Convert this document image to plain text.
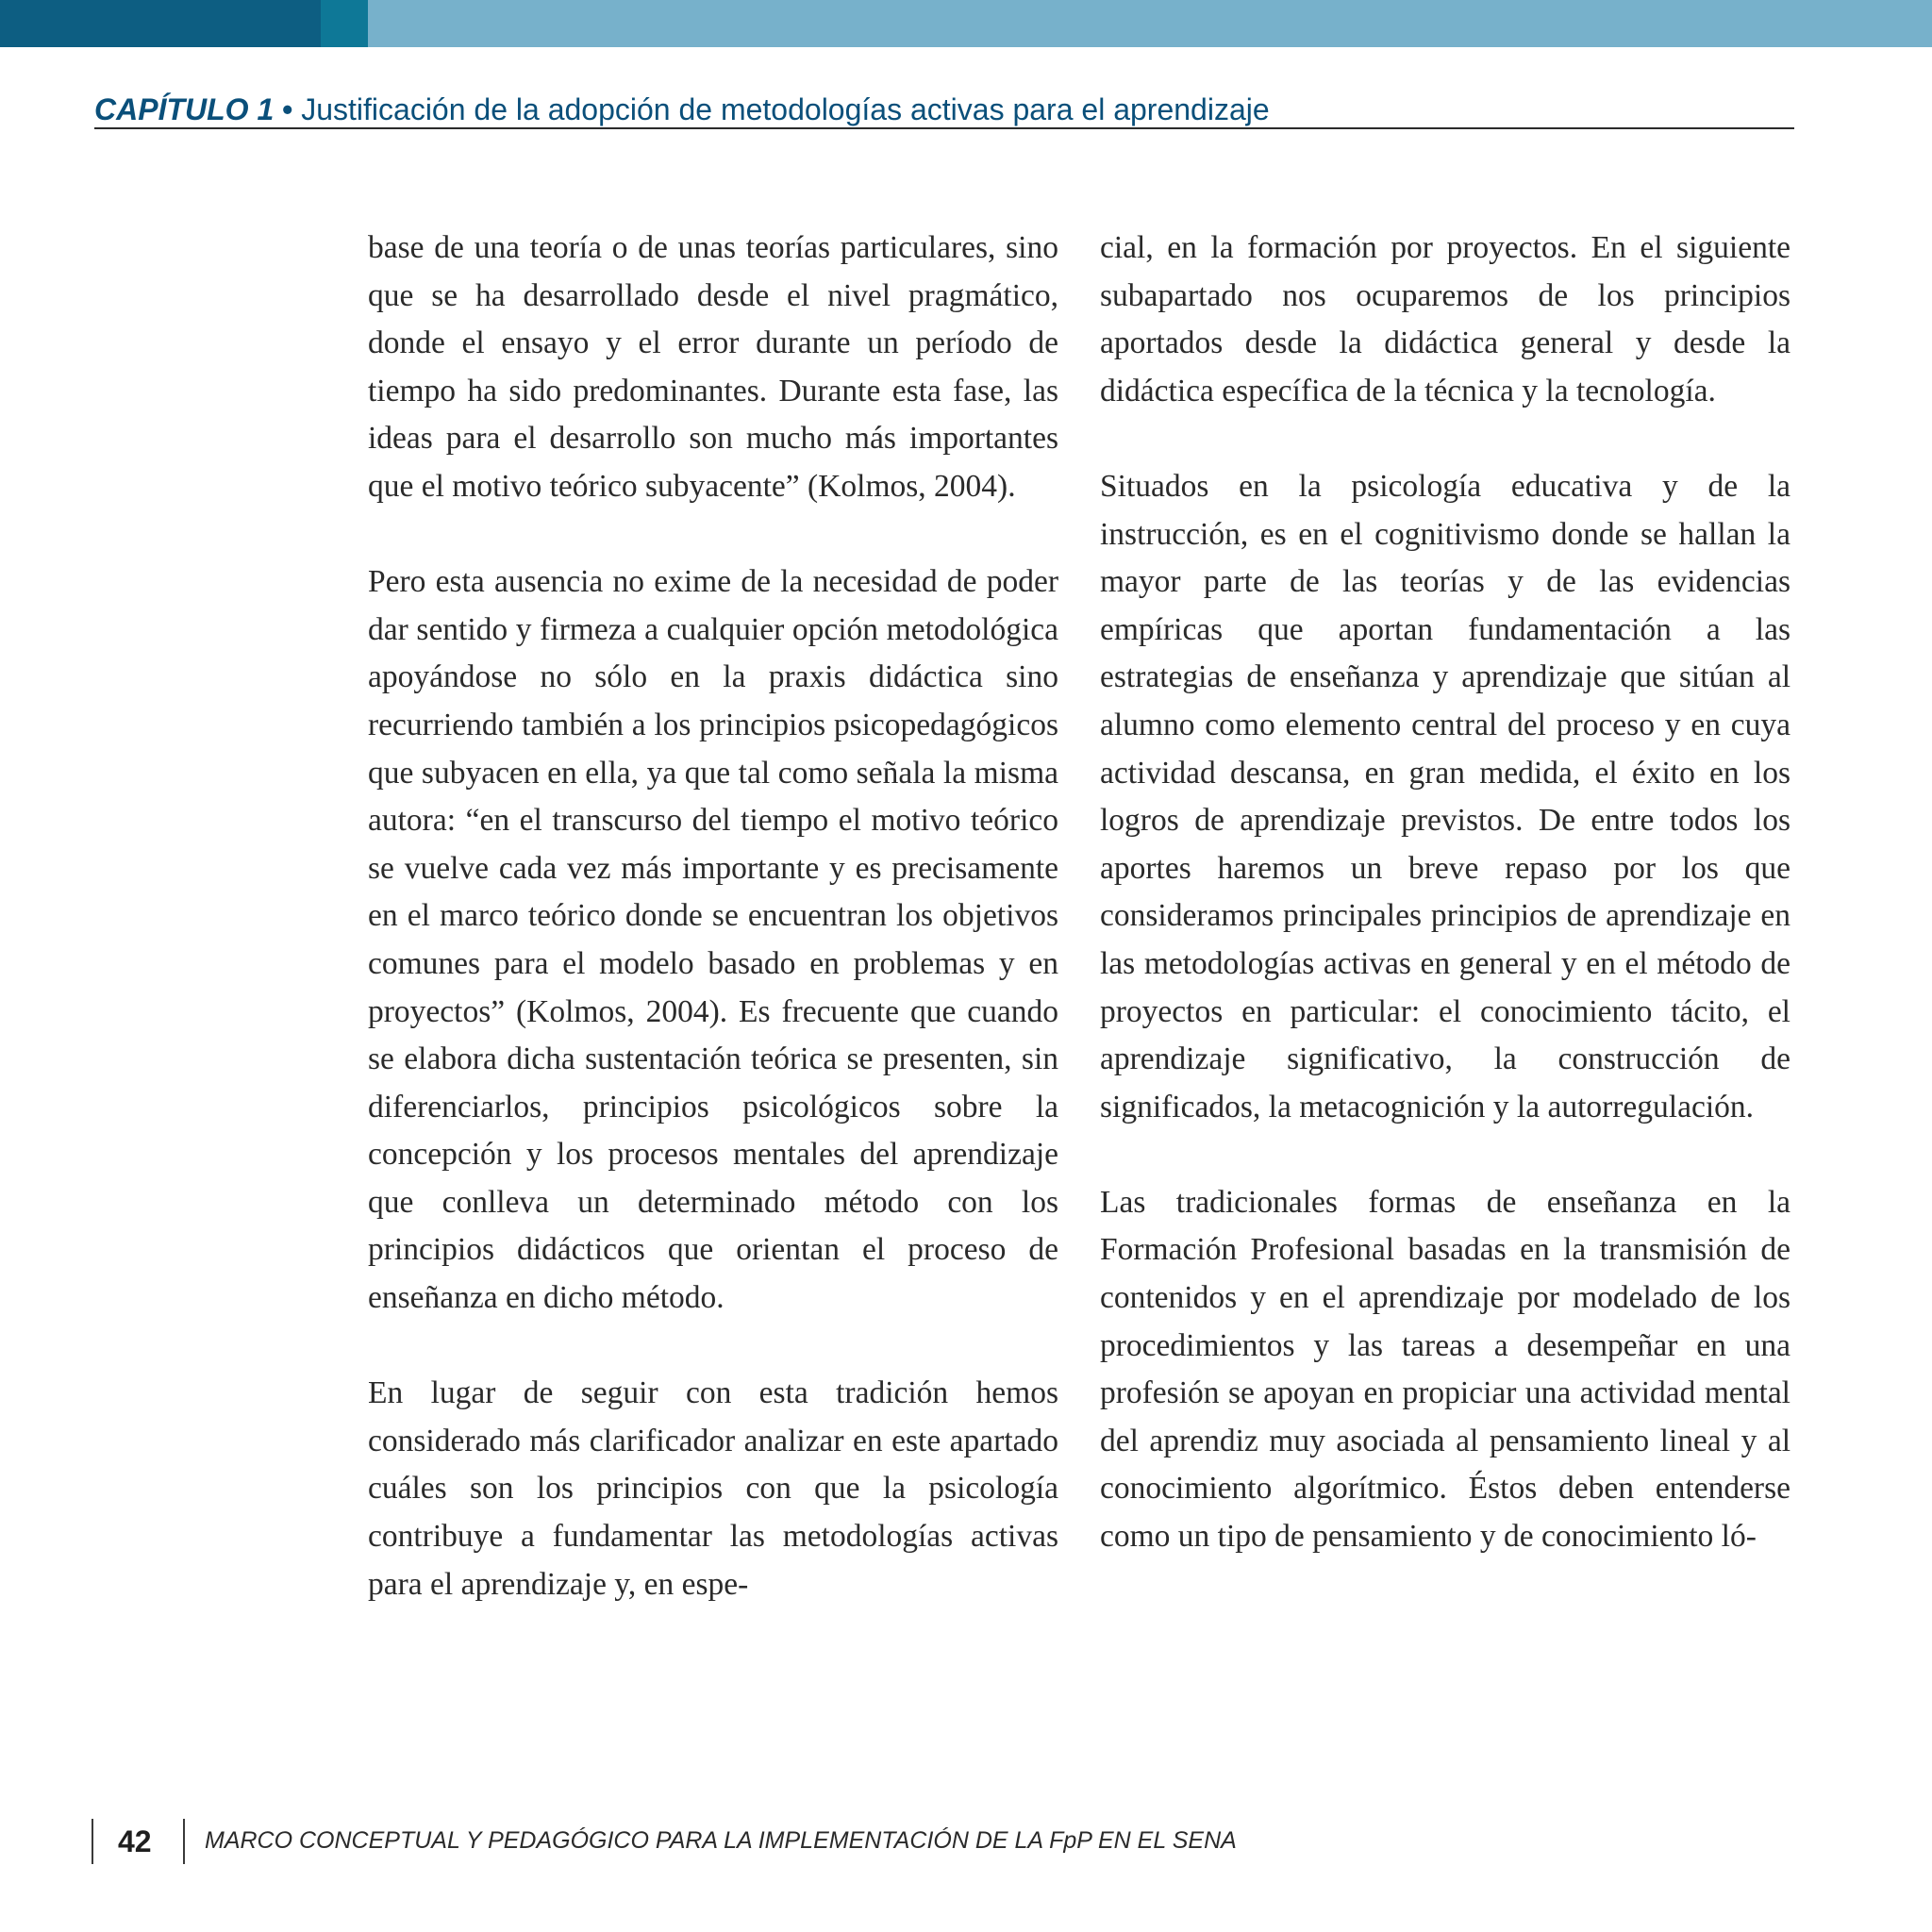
CAPÍTULO 1 • Justificación de la adopción de metodologías activas para el aprendizaje

base de una teoría o de unas teorías particulares, sino que se ha desarrollado desde el nivel pragmático, donde el ensayo y el error durante un período de tiempo ha sido predominantes. Durante esta fase, las ideas para el desarrollo son mucho más importantes que el motivo teórico subyacente” (Kolmos, 2004).

Pero esta ausencia no exime de la necesidad de poder dar sentido y firmeza a cualquier opción metodológica apoyándose no sólo en la praxis didáctica sino recurriendo también a los principios psicopedagógicos que subyacen en ella, ya que tal como señala la misma autora: “en el transcurso del tiempo el motivo teórico se vuelve cada vez más importante y es precisamente en el marco teórico donde se encuentran los objetivos comunes para el modelo basado en problemas y en proyectos” (Kolmos, 2004). Es frecuente que cuando se elabora dicha sustentación teórica se presenten, sin diferenciarlos, principios psicológicos sobre la concepción y los procesos mentales del aprendizaje que conlleva un determinado método con los principios didácticos que orientan el proceso de enseñanza en dicho método.

En lugar de seguir con esta tradición hemos considerado más clarificador analizar en este apartado cuáles son los principios con que la psicología contribuye a fundamentar las metodologías activas para el aprendizaje y, en espe-

cial, en la formación por proyectos. En el siguiente subapartado nos ocuparemos de los principios aportados desde la didáctica general y desde la didáctica específica de la técnica y la tecnología.

Situados en la psicología educativa y de la instrucción, es en el cognitivismo donde se hallan la mayor parte de las teorías y de las evidencias empíricas que aportan fundamentación a las estrategias de enseñanza y aprendizaje que sitúan al alumno como elemento central del proceso y en cuya actividad descansa, en gran medida, el éxito en los logros de aprendizaje previstos. De entre todos los aportes haremos un breve repaso por los que consideramos principales principios de aprendizaje en las metodologías activas en general y en el método de proyectos en particular: el conocimiento tácito, el aprendizaje significativo, la construcción de significados, la metacognición y la autorregulación.

Las tradicionales formas de enseñanza en la Formación Profesional basadas en la transmisión de contenidos y en el aprendizaje por modelado de los procedimientos y las tareas a desempeñar en una profesión se apoyan en propiciar una actividad mental del aprendiz muy asociada al pensamiento lineal y al conocimiento algorítmico. Éstos deben entenderse como un tipo de pensamiento y de conocimiento ló-

42 MARCO CONCEPTUAL Y PEDAGÓGICO PARA LA IMPLEMENTACIÓN DE LA FpP EN EL SENA
